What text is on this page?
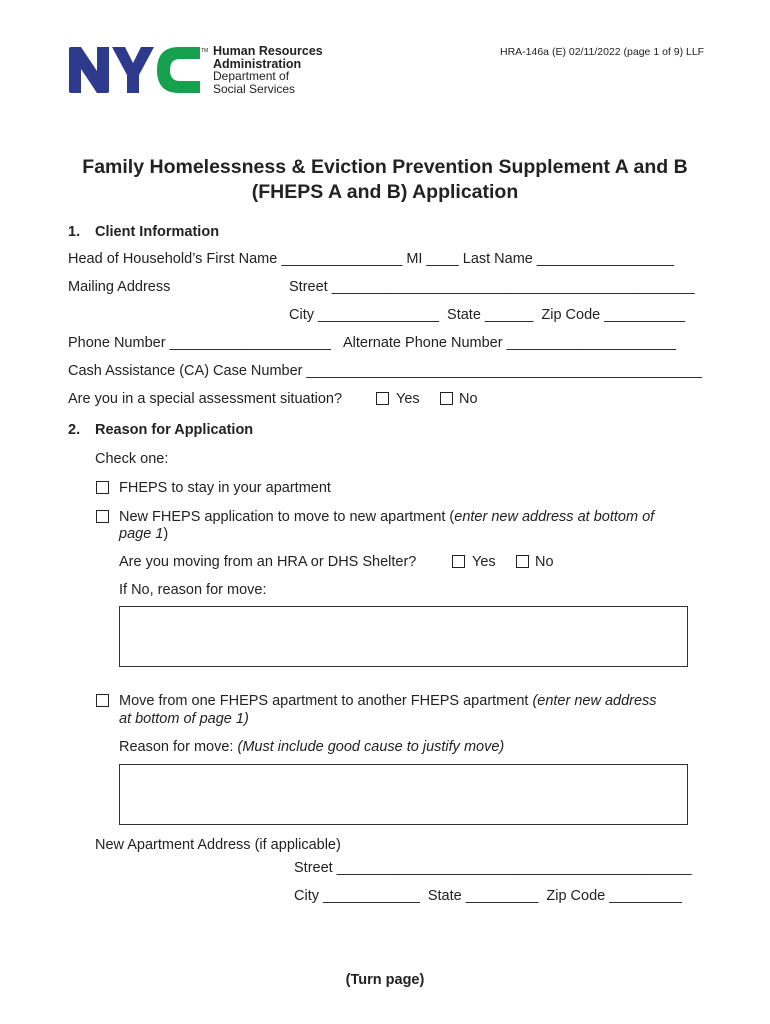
TM Human Resources
Administration
Department of
Social Services
HRA-146a (E) 02/11/2022 (page 1 of 9) LLF
Family Homelessness & Eviction Prevention Supplement A and B
(FHEPS A and B) Application
1. Client Information
Head of Household’s First Name _______________ MI ____ Last Name _________________
Mailing Address	Street _____________________________________________
City _______________ State ______ Zip Code __________
Phone Number ____________________ Alternate Phone Number _____________________
Cash Assistance (CA) Case Number _________________________________________________
Are you in a special assessment situation?	Yes	No
2. Reason for Application
Check one:
FHEPS to stay in your apartment
New FHEPS application to move to new apartment (enter new address at bottom of
page 1)
Are you moving from an HRA or DHS Shelter?	Yes	No
If No, reason for move:
Move from one FHEPS apartment to another FHEPS apartment (enter new address
at bottom of page 1)
Reason for move: (Must include good cause to justify move)
New Apartment Address (if applicable)
Street ____________________________________________
City ____________ State _________ Zip Code _________
(Turn page)
